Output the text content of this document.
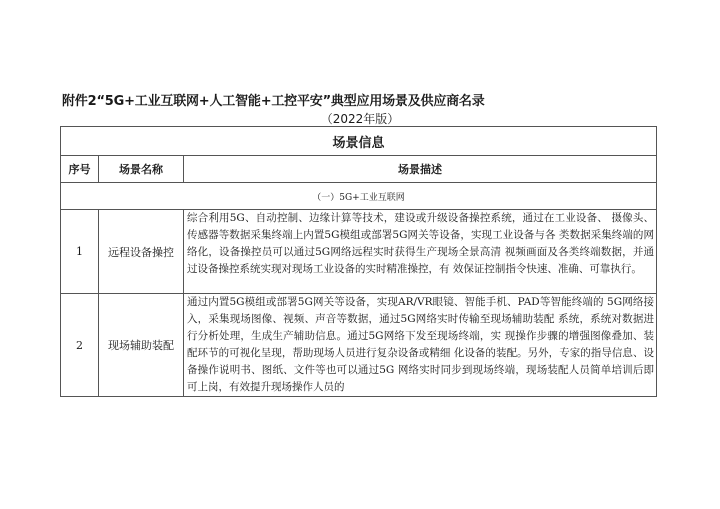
附件2“5G+工业互联网+人工智能+工控平安”典型应用场景及供应商名录
（2022年版）
场景信息		
序号	场景名称	场景描述
（一）5G+工业互联网		
1	远程设备操控	综合利用5G、自动控制、边缘计算等技术，建设或升级设备操控系统，通过在工业设备、 摄像头、传感器等数据采集终端上内置5G模组或部署5G网关等设备，实现工业设备与各 类数据采集终端的网络化，设备操控员可以通过5G网络远程实时获得生产现场全景高清 视频画面及各类终端数据，并通过设备操控系统实现对现场工业设备的实时精准操控，有 效保证控制指令快速、准确、可靠执行。
2	现场辅助装配	通过内置5G模组或部署5G网关等设备，实现AR/VR眼镜、智能手机、PAD等智能终端的 5G网络接入，采集现场图像、视频、声音等数据，通过5G网络实时传输至现场辅助装配 系统，系统对数据进行分析处理，生成生产辅助信息。通过5G网络下发至现场终端，实 现操作步骤的增强图像叠加、装配环节的可视化呈现，帮助现场人员进行复杂设备或精细 化设备的装配。另外，专家的指导信息、设备操作说明书、图纸、文件等也可以通过5G 网络实时同步到现场终端，现场装配人员简单培训后即可上岗，有效提升现场操作人员的
